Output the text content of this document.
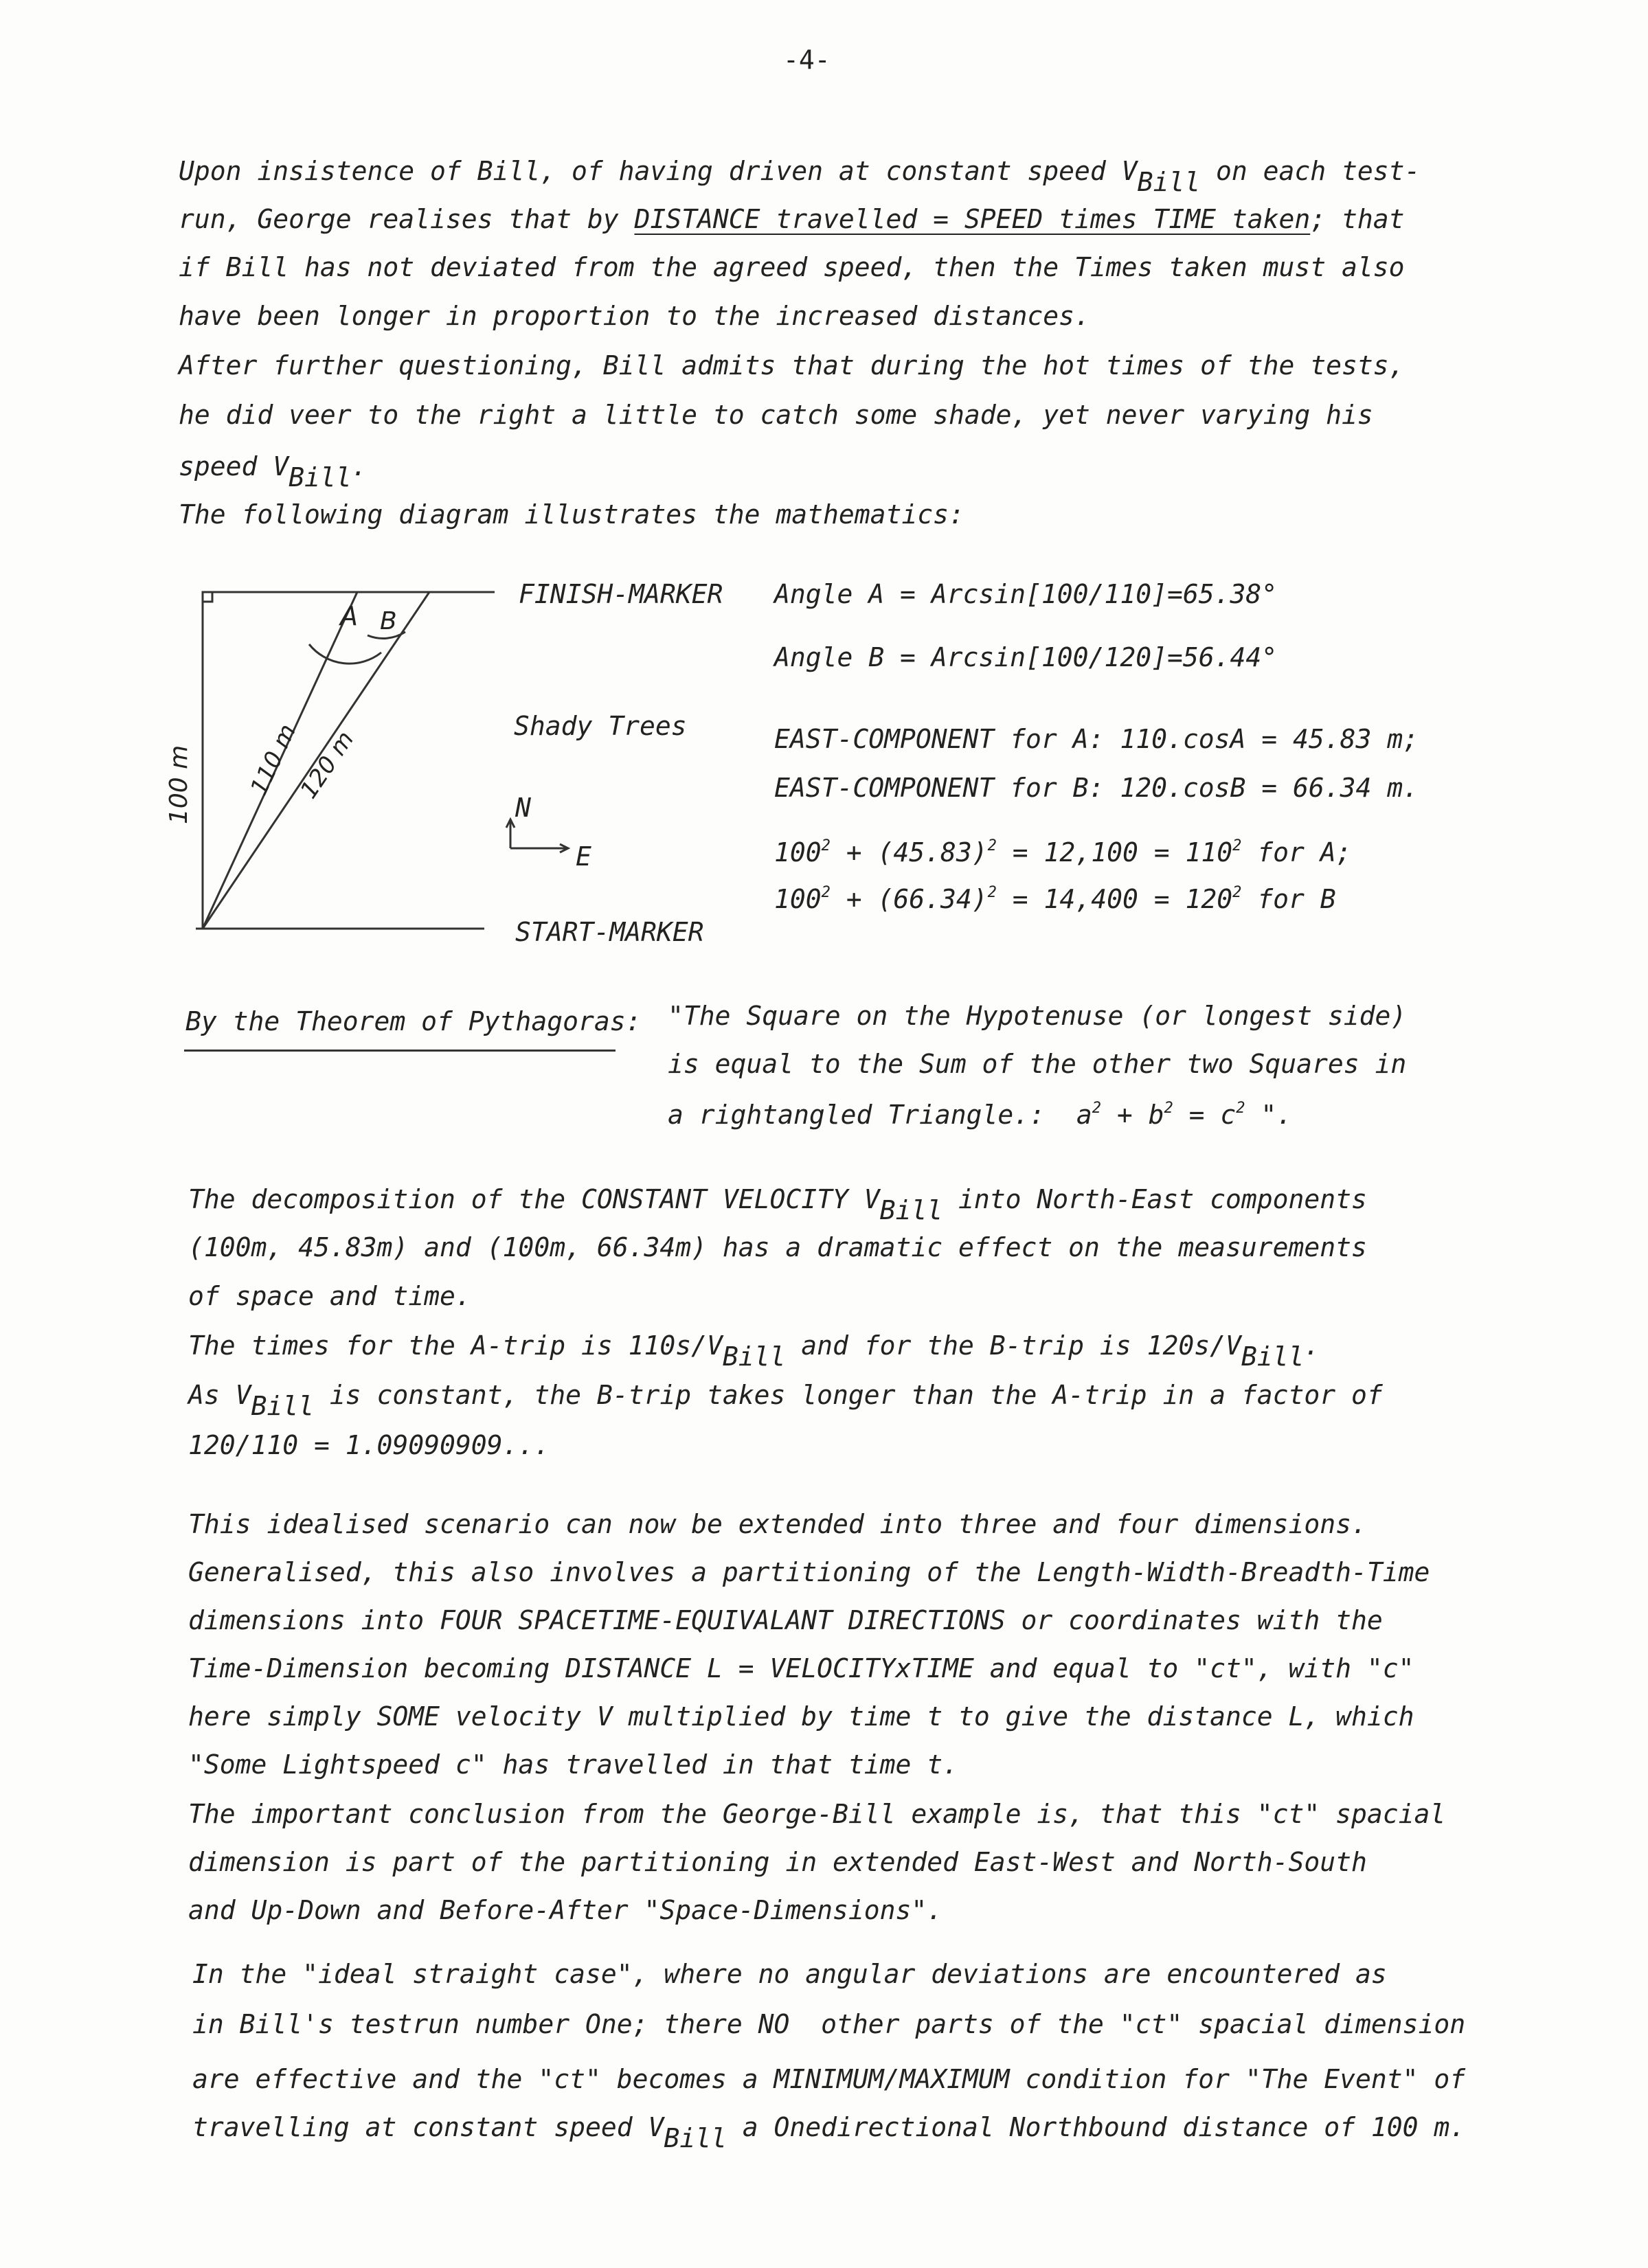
-4-

Upon insistence of Bill, of having driven at constant speed VBill on each test-

run, George realises that by DISTANCE travelled = SPEED times TIME taken; that

if Bill has not deviated from the agreed speed, then the Times taken must also

have been longer in proportion to the increased distances.

After further questioning, Bill admits that during the hot times of the tests,

he did veer to the right a little to catch some shade, yet never varying his

speed VBill.

The following diagram illustrates the mathematics:

A B
100 m 110 m
120 m

FINISH-MARKER

Shady Trees

N

E

START-MARKER

Angle A = Arcsin[100/110]=65.38°

Angle B = Arcsin[100/120]=56.44°

EAST-COMPONENT for A: 110.cosA = 45.83 m;

EAST-COMPONENT for B: 120.cosB = 66.34 m.

$100^2 + (45.83)^2 = 12,100 = 110^2$ for A;

$100^2 + (66.34)^2 = 14,400 = 120^2$ for B

By the Theorem of Pythagoras: "The Square on the Hypotenuse (or longest side)

is equal to the Sum of the other two Squares in

a rightangled Triangle.:  $a^2 + b^2 = c^2$ ".

The decomposition of the CONSTANT VELOCITY VBill into North-East components

(100m, 45.83m) and (100m, 66.34m) has a dramatic effect on the measurements

of space and time.

The times for the A-trip is 110s/VBill and for the B-trip is 120s/VBill.

As VBill is constant, the B-trip takes longer than the A-trip in a factor of

120/110 = 1.09090909...

This idealised scenario can now be extended into three and four dimensions.

Generalised, this also involves a partitioning of the Length-Width-Breadth-Time

dimensions into FOUR SPACETIME-EQUIVALANT DIRECTIONS or coordinates with the

Time-Dimension becoming DISTANCE L = VELOCITYxTIME and equal to "ct", with "c"

here simply SOME velocity V multiplied by time t to give the distance L, which

"Some Lightspeed c" has travelled in that time t.

The important conclusion from the George-Bill example is, that this "ct" spacial

dimension is part of the partitioning in extended East-West and North-South

and Up-Down and Before-After "Space-Dimensions".

In the "ideal straight case", where no angular deviations are encountered as

in Bill's testrun number One; there NO  other parts of the "ct" spacial dimension

are effective and the "ct" becomes a MINIMUM/MAXIMUM condition for "The Event" of

travelling at constant speed VBill a Onedirectional Northbound distance of 100 m.
